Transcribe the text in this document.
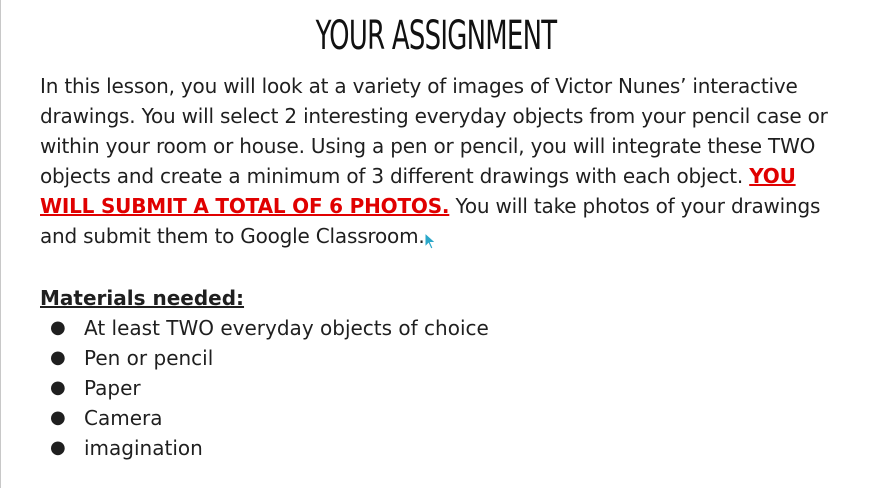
YOUR ASSIGNMENT

In this lesson, you will look at a variety of images of Victor Nunes’ interactive drawings. You will select 2 interesting everyday objects from your pencil case or within your room or house. Using a pen or pencil, you will integrate these TWO objects and create a minimum of 3 different drawings with each object. YOU WILL SUBMIT A TOTAL OF 6 PHOTOS. You will take photos of your drawings and submit them to Google Classroom.

Materials needed:
● At least TWO everyday objects of choice
● Pen or pencil
● Paper
● Camera
● imagination
